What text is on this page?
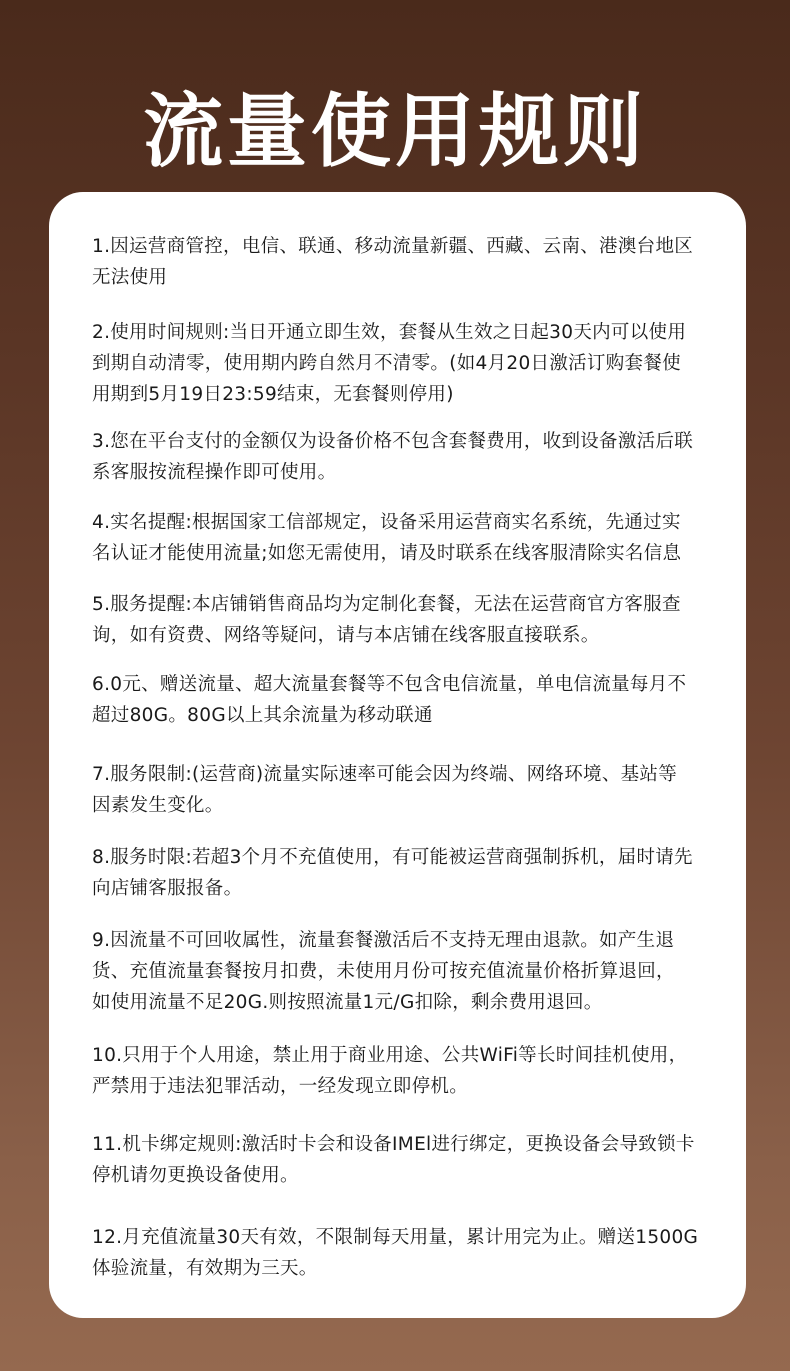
流量使用规则

1.因运营商管控，电信、联通、移动流量新疆、西藏、云南、港澳台地区
无法使用

2.使用时间规则:当日开通立即生效，套餐从生效之日起30天内可以使用
到期自动清零，使用期内跨自然月不清零。(如4月20日激活订购套餐使
用期到5月19日23:59结束，无套餐则停用)

3.您在平台支付的金额仅为设备价格不包含套餐费用，收到设备激活后联
系客服按流程操作即可使用。

4.实名提醒:根据国家工信部规定，设备采用运营商实名系统，先通过实
名认证才能使用流量;如您无需使用，请及时联系在线客服清除实名信息

5.服务提醒:本店铺销售商品均为定制化套餐，无法在运营商官方客服查
询，如有资费、网络等疑问，请与本店铺在线客服直接联系。

6.0元、赠送流量、超大流量套餐等不包含电信流量，单电信流量每月不
超过80G。80G以上其余流量为移动联通

7.服务限制:(运营商)流量实际速率可能会因为终端、网络环境、基站等
因素发生变化。

8.服务时限:若超3个月不充值使用，有可能被运营商强制拆机，届时请先
向店铺客服报备。

9.因流量不可回收属性，流量套餐激活后不支持无理由退款。如产生退
货、充值流量套餐按月扣费，未使用月份可按充值流量价格折算退回，
如使用流量不足20G.则按照流量1元/G扣除，剩余费用退回。

10.只用于个人用途，禁止用于商业用途、公共WiFi等长时间挂机使用，
严禁用于违法犯罪活动，一经发现立即停机。

11.机卡绑定规则:激活时卡会和设备IMEl进行绑定，更换设备会导致锁卡
停机请勿更换设备使用。

12.月充值流量30天有效，不限制每天用量，累计用完为止。赠送1500G
体验流量，有效期为三天。
